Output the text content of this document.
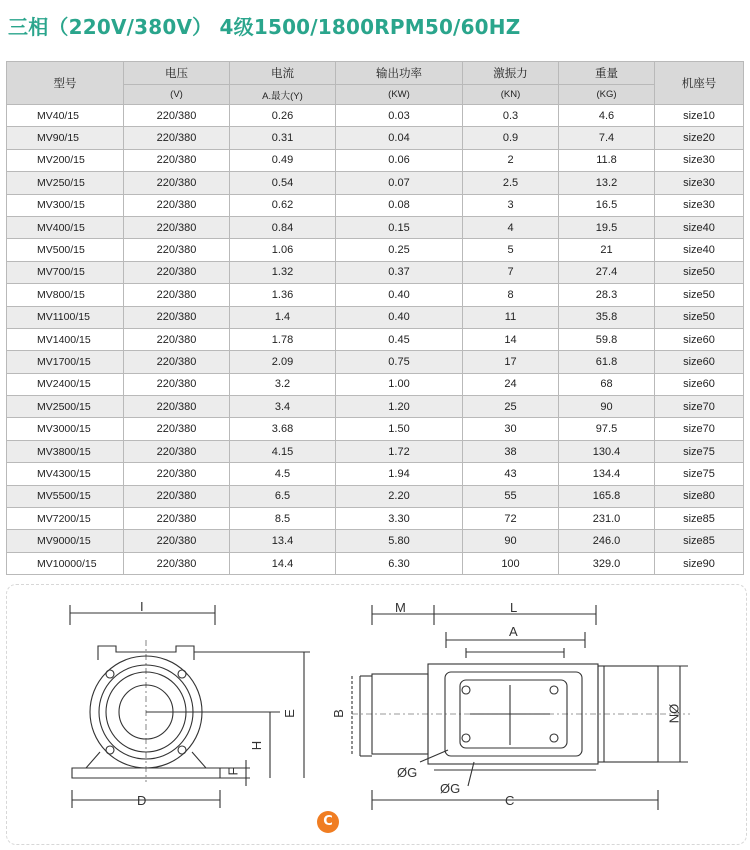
三相（220V/380V） 4级1500/1800RPM50/60HZ
型号	电压	电流	输出功率	激振力	重量	机座号
	(V)	A.最大(Y)	(KW)	(KN)	(KG)	
MV40/15	220/380	0.26	0.03	0.3	4.6	size10
MV90/15	220/380	0.31	0.04	0.9	7.4	size20
MV200/15	220/380	0.49	0.06	2	11.8	size30
MV250/15	220/380	0.54	0.07	2.5	13.2	size30
MV300/15	220/380	0.62	0.08	3	16.5	size30
MV400/15	220/380	0.84	0.15	4	19.5	size40
MV500/15	220/380	1.06	0.25	5	21	size40
MV700/15	220/380	1.32	0.37	7	27.4	size50
MV800/15	220/380	1.36	0.40	8	28.3	size50
MV1100/15	220/380	1.4	0.40	11	35.8	size50
MV1400/15	220/380	1.78	0.45	14	59.8	size60
MV1700/15	220/380	2.09	0.75	17	61.8	size60
MV2400/15	220/380	3.2	1.00	24	68	size60
MV2500/15	220/380	3.4	1.20	25	90	size70
MV3000/15	220/380	3.68	1.50	30	97.5	size70
MV3800/15	220/380	4.15	1.72	38	130.4	size75
MV4300/15	220/380	4.5	1.94	43	134.4	size75
MV5500/15	220/380	6.5	2.20	55	165.8	size80
MV7200/15	220/380	8.5	3.30	72	231.0	size85
MV9000/15	220/380	13.4	5.80	90	246.0	size85
MV10000/15	220/380	14.4	6.30	100	329.0	size90
I
E
H
F
D
M	L
A
B
ØG
ØG
C
ØN
C
